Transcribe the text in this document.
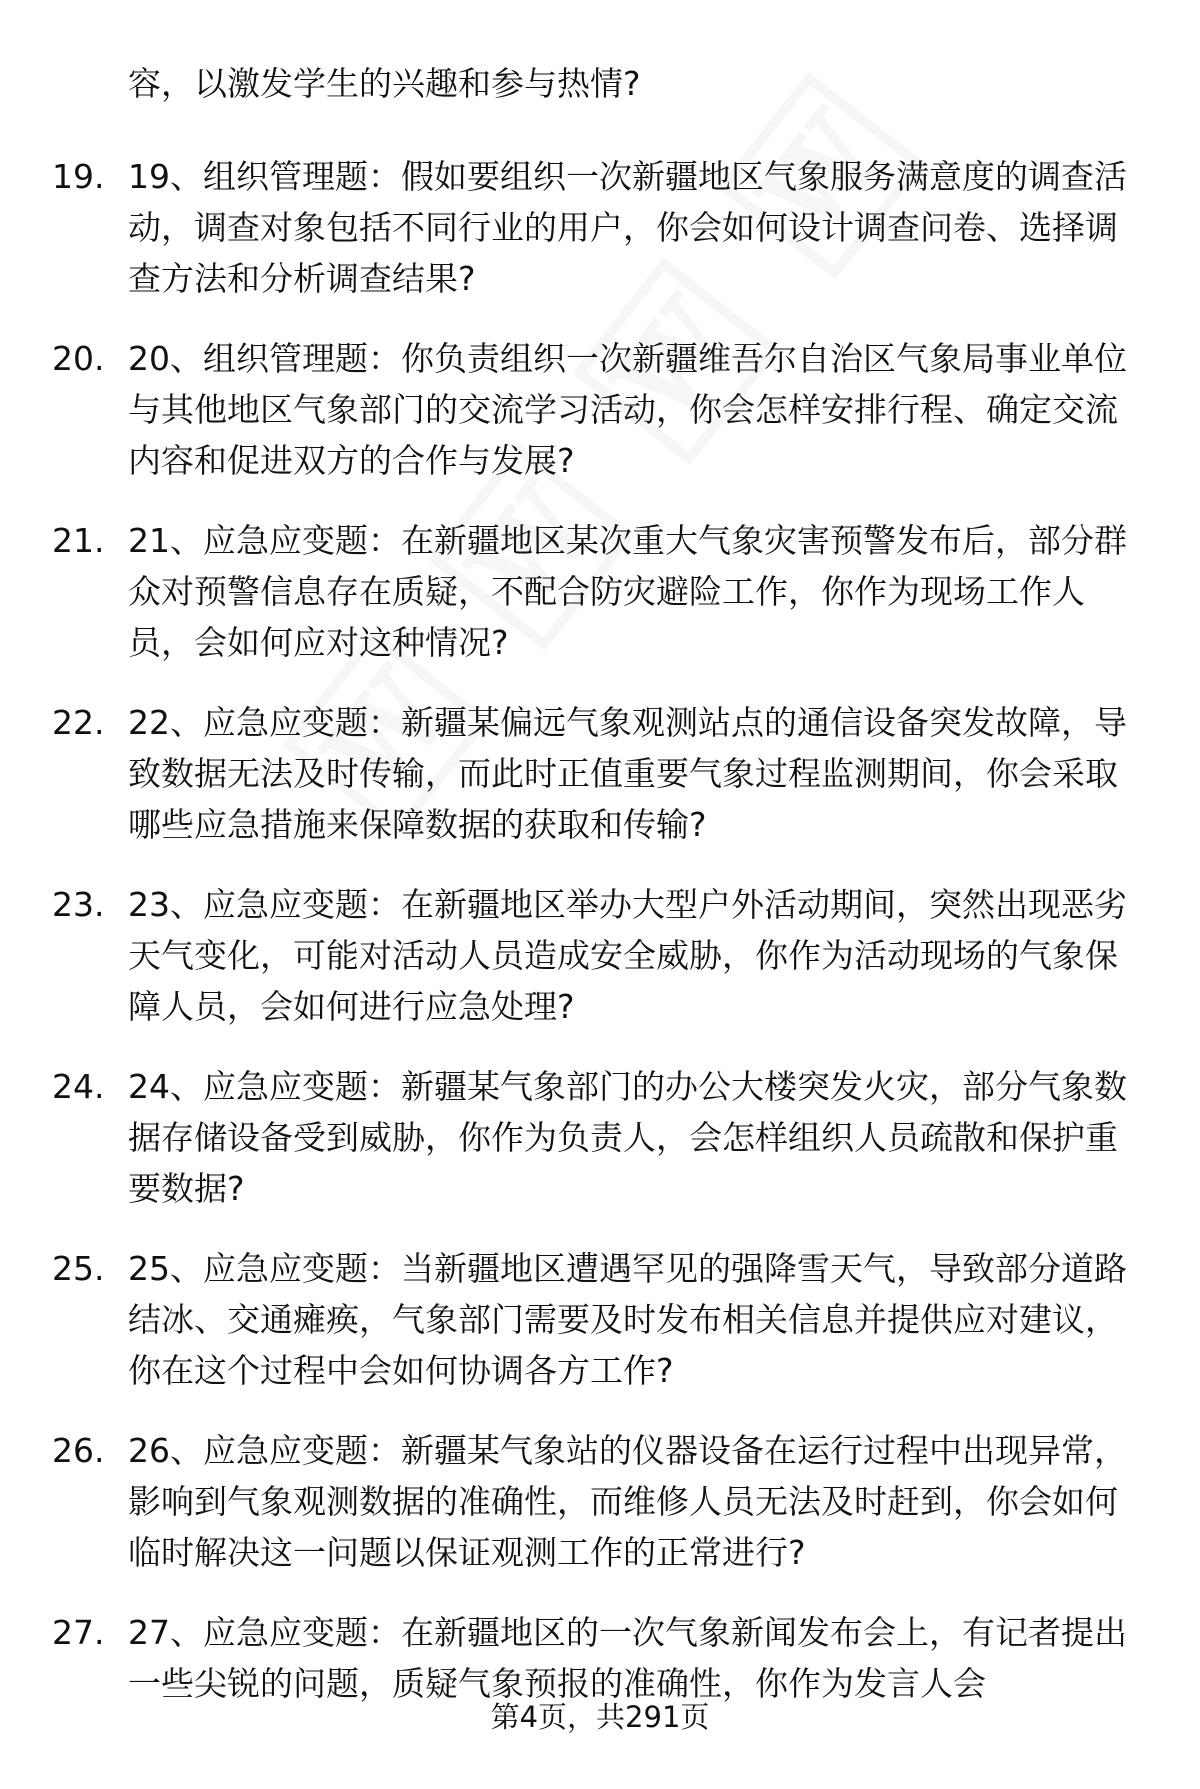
容，以激发学生的兴趣和参与热情?

19. 19、组织管理题：假如要组织一次新疆地区气象服务满意度的调查活动，调查对象包括不同行业的用户，你会如何设计调查问卷、选择调查方法和分析调查结果?

20. 20、组织管理题：你负责组织一次新疆维吾尔自治区气象局事业单位与其他地区气象部门的交流学习活动，你会怎样安排行程、确定交流内容和促进双方的合作与发展?

21. 21、应急应变题：在新疆地区某次重大气象灾害预警发布后，部分群众对预警信息存在质疑，不配合防灾避险工作，你作为现场工作人员，会如何应对这种情况?

22. 22、应急应变题：新疆某偏远气象观测站点的通信设备突发故障，导致数据无法及时传输，而此时正值重要气象过程监测期间，你会采取哪些应急措施来保障数据的获取和传输?

23. 23、应急应变题：在新疆地区举办大型户外活动期间，突然出现恶劣天气变化，可能对活动人员造成安全威胁，你作为活动现场的气象保障人员，会如何进行应急处理?

24. 24、应急应变题：新疆某气象部门的办公大楼突发火灾，部分气象数据存储设备受到威胁，你作为负责人，会怎样组织人员疏散和保护重要数据?

25. 25、应急应变题：当新疆地区遭遇罕见的强降雪天气，导致部分道路结冰、交通瘫痪，气象部门需要及时发布相关信息并提供应对建议，你在这个过程中会如何协调各方工作?

26. 26、应急应变题：新疆某气象站的仪器设备在运行过程中出现异常，影响到气象观测数据的准确性，而维修人员无法及时赶到，你会如何临时解决这一问题以保证观测工作的正常进行?

27. 27、应急应变题：在新疆地区的一次气象新闻发布会上，有记者提出一些尖锐的问题，质疑气象预报的准确性，你作为发言人会

第4页，共291页
